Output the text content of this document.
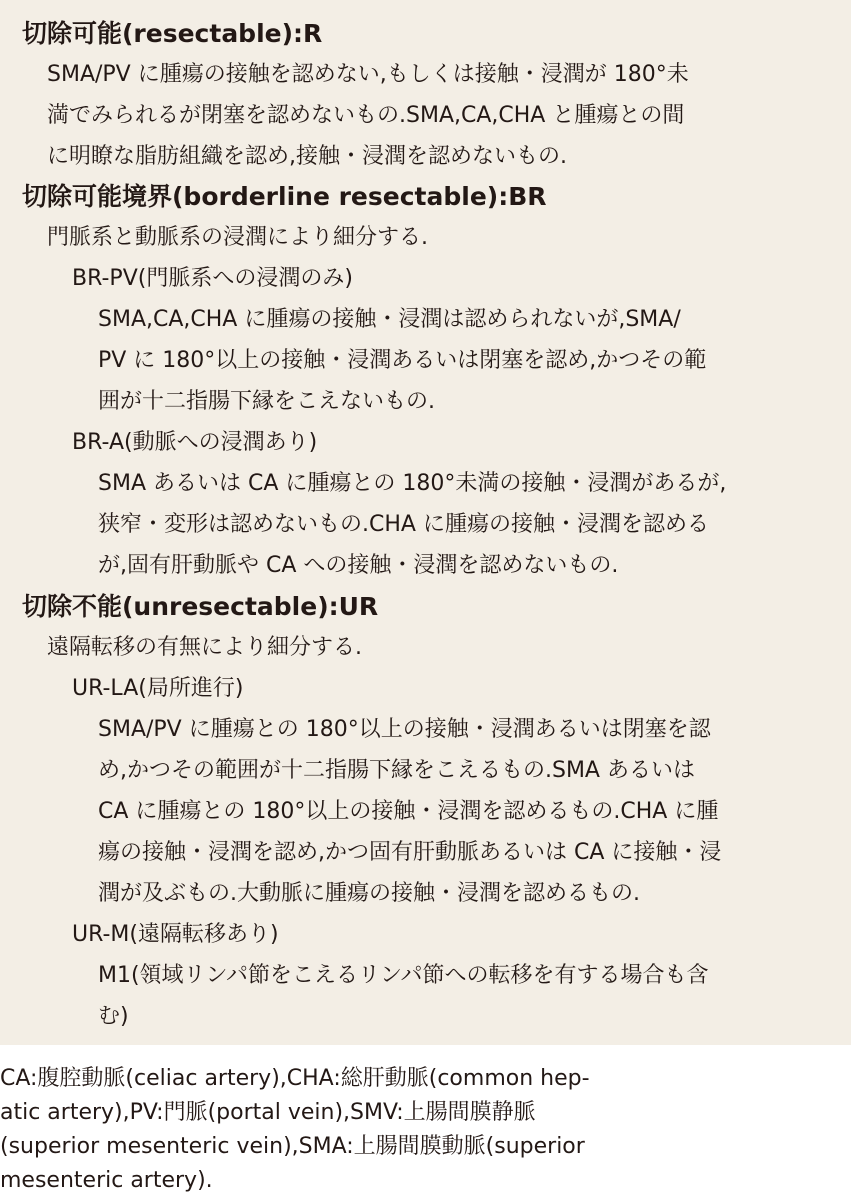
切除可能(resectable):R
SMA/PV に腫瘍の接触を認めない,もしくは接触・浸潤が 180°未
満でみられるが閉塞を認めないもの.SMA,CA,CHA と腫瘍との間
に明瞭な脂肪組織を認め,接触・浸潤を認めないもの.
切除可能境界(borderline resectable):BR
門脈系と動脈系の浸潤により細分する.
BR-PV(門脈系への浸潤のみ)
SMA,CA,CHA に腫瘍の接触・浸潤は認められないが,SMA/
PV に 180°以上の接触・浸潤あるいは閉塞を認め,かつその範
囲が十二指腸下縁をこえないもの.
BR-A(動脈への浸潤あり)
SMA あるいは CA に腫瘍との 180°未満の接触・浸潤があるが,
狭窄・変形は認めないもの.CHA に腫瘍の接触・浸潤を認める
が,固有肝動脈や CA への接触・浸潤を認めないもの.
切除不能(unresectable):UR
遠隔転移の有無により細分する.
UR-LA(局所進行)
SMA/PV に腫瘍との 180°以上の接触・浸潤あるいは閉塞を認
め,かつその範囲が十二指腸下縁をこえるもの.SMA あるいは
CA に腫瘍との 180°以上の接触・浸潤を認めるもの.CHA に腫
瘍の接触・浸潤を認め,かつ固有肝動脈あるいは CA に接触・浸
潤が及ぶもの.大動脈に腫瘍の接触・浸潤を認めるもの.
UR-M(遠隔転移あり)
M1(領域リンパ節をこえるリンパ節への転移を有する場合も含
む)
CA:腹腔動脈(celiac artery),CHA:総肝動脈(common hep-
atic artery),PV:門脈(portal vein),SMV:上腸間膜静脈
(superior mesenteric vein),SMA:上腸間膜動脈(superior
mesenteric artery).
